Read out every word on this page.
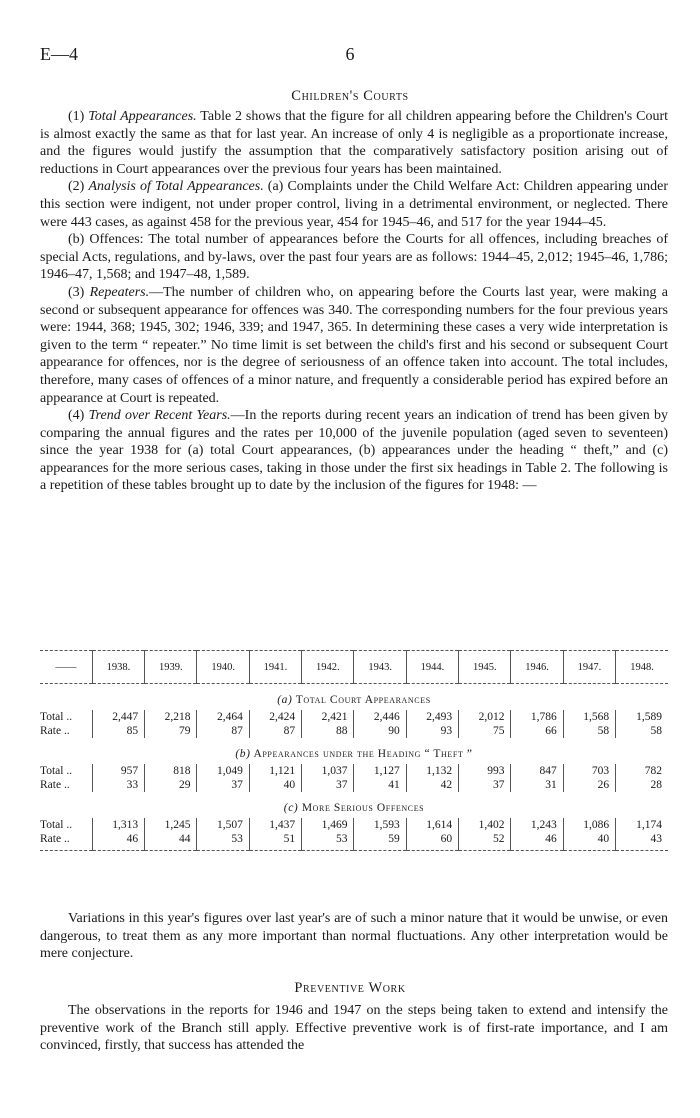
E—4	6
Children's Courts

(1) Total Appearances. Table 2 shows that the figure for all children appearing before the Children's Court is almost exactly the same as that for last year. An increase of only 4 is negligible as a proportionate increase, and the figures would justify the assumption that the comparatively satisfactory position arising out of reductions in Court appearances over the previous four years has been maintained.

(2) Analysis of Total Appearances. (a) Complaints under the Child Welfare Act: Children appearing under this section were indigent, not under proper control, living in a detrimental environment, or neglected. There were 443 cases, as against 458 for the previous year, 454 for 1945–46, and 517 for the year 1944–45.

(b) Offences: The total number of appearances before the Courts for all offences, including breaches of special Acts, regulations, and by-laws, over the past four years are as follows: 1944–45, 2,012; 1945–46, 1,786; 1946–47, 1,568; and 1947–48, 1,589.

(3) Repeaters.—The number of children who, on appearing before the Courts last year, were making a second or subsequent appearance for offences was 340. The corresponding numbers for the four previous years were: 1944, 368; 1945, 302; 1946, 339; and 1947, 365. In determining these cases a very wide interpretation is given to the term “ repeater.” No time limit is set between the child's first and his second or subsequent Court appearance for offences, nor is the degree of seriousness of an offence taken into account. The total includes, therefore, many cases of offences of a minor nature, and frequently a considerable period has expired before an appearance at Court is repeated.

(4) Trend over Recent Years.—In the reports during recent years an indication of trend has been given by comparing the annual figures and the rates per 10,000 of the juvenile population (aged seven to seventeen) since the year 1938 for (a) total Court appearances, (b) appearances under the heading “ theft,” and (c) appearances for the more serious cases, taking in those under the first six headings in Table 2. The following is a repetition of these tables brought up to date by the inclusion of the figures for 1948: —

——	1938.	1939.	1940.	1941.	1942.	1943.	1944.	1945.	1946.	1947.	1948.
(a) Total Court Appearances											
Total ..	2,447	2,218	2,464	2,424	2,421	2,446	2,493	2,012	1,786	1,568	1,589
Rate ..	85	79	87	87	88	90	93	75	66	58	58
(b) Appearances under the Heading “ Theft ”											
Total ..	957	818	1,049	1,121	1,037	1,127	1,132	993	847	703	782
Rate ..	33	29	37	40	37	41	42	37	31	26	28
(c) More Serious Offences											
Total ..	1,313	1,245	1,507	1,437	1,469	1,593	1,614	1,402	1,243	1,086	1,174
Rate ..	46	44	53	51	53	59	60	52	46	40	43

Variations in this year's figures over last year's are of such a minor nature that it would be unwise, or even dangerous, to treat them as any more important than normal fluctuations. Any other interpretation would be mere conjecture.

Preventive Work

The observations in the reports for 1946 and 1947 on the steps being taken to extend and intensify the preventive work of the Branch still apply. Effective preventive work is of first-rate importance, and I am convinced, firstly, that success has attended the
